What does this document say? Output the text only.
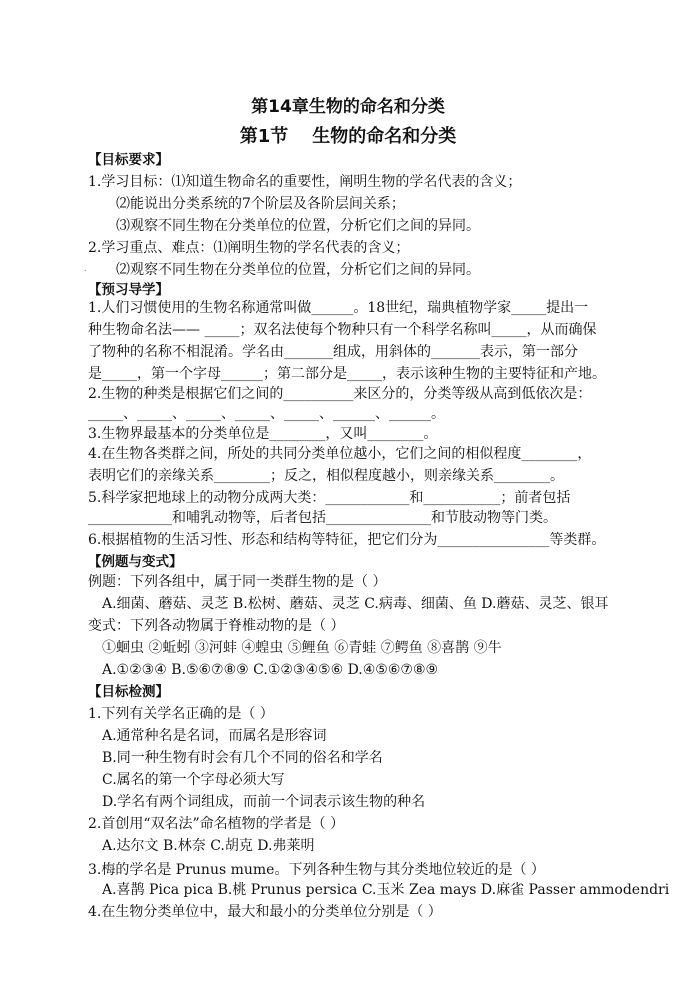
第14章生物的命名和分类
第1节 生物的命名和分类
.
【目标要求】
1.学习目标：⑴知道生物命名的重要性，阐明生物的学名代表的含义；
⑵能说出分类系统的7个阶层及各阶层间关系；
⑶观察不同生物在分类单位的位置，分析它们之间的异同。
2.学习重点、难点：⑴阐明生物的学名代表的含义；
⑵观察不同生物在分类单位的位置，分析它们之间的异同。
【预习导学】
1.人们习惯使用的生物名称通常叫做______。18世纪，瑞典植物学家_____提出一
种生物命名法—— _____；双名法使每个物种只有一个科学名称叫_____，从而确保
了物种的名称不相混淆。学名由_______组成，用斜体的_______表示，第一部分
是_____，第一个字母______；第二部分是_____，表示该种生物的主要特征和产地。
2.生物的种类是根据它们之间的__________来区分的，分类等级从高到低依次是：
_____、_____、_____、_____、_____、______、______。
3.生物界最基本的分类单位是________，又叫________。
4.在生物各类群之间，所处的共同分类单位越小，它们之间的相似程度________，
表明它们的亲缘关系________；反之，相似程度越小，则亲缘关系________。
5.科学家把地球上的动物分成两大类：____________和___________；前者包括
____________和哺乳动物等，后者包括_______________和节肢动物等门类。
6.根据植物的生活习性、形态和结构等特征，把它们分为________________等类群。
【例题与变式】
例题：下列各组中，属于同一类群生物的是（ ）
A.细菌、蘑菇、灵芝 B.松树、蘑菇、灵芝 C.病毒、细菌、鱼 D.蘑菇、灵芝、银耳
变式：下列各动物属于脊椎动物的是（ ）
①蛔虫 ②蚯蚓 ③河蚌 ④蝗虫 ⑤鲤鱼 ⑥青蛙 ⑦鳄鱼 ⑧喜鹊 ⑨牛
A.①②③④ B.⑤⑥⑦⑧⑨ C.①②③④⑤⑥ D.④⑤⑥⑦⑧⑨
【目标检测】
1.下列有关学名正确的是（ ）
A.通常种名是名词，而属名是形容词
B.同一种生物有时会有几个不同的俗名和学名
C.属名的第一个字母必须大写
D.学名有两个词组成，而前一个词表示该生物的种名
2.首创用“双名法”命名植物的学者是（ ）
A.达尔文 B.林奈 C.胡克 D.弗莱明
3.梅的学名是 Prunus mume。下列各种生物与其分类地位较近的是（ ）
A.喜鹊 Pica pica B.桃 Prunus persica C.玉米 Zea mays D.麻雀 Passer ammodendri
4.在生物分类单位中，最大和最小的分类单位分别是（ ）
